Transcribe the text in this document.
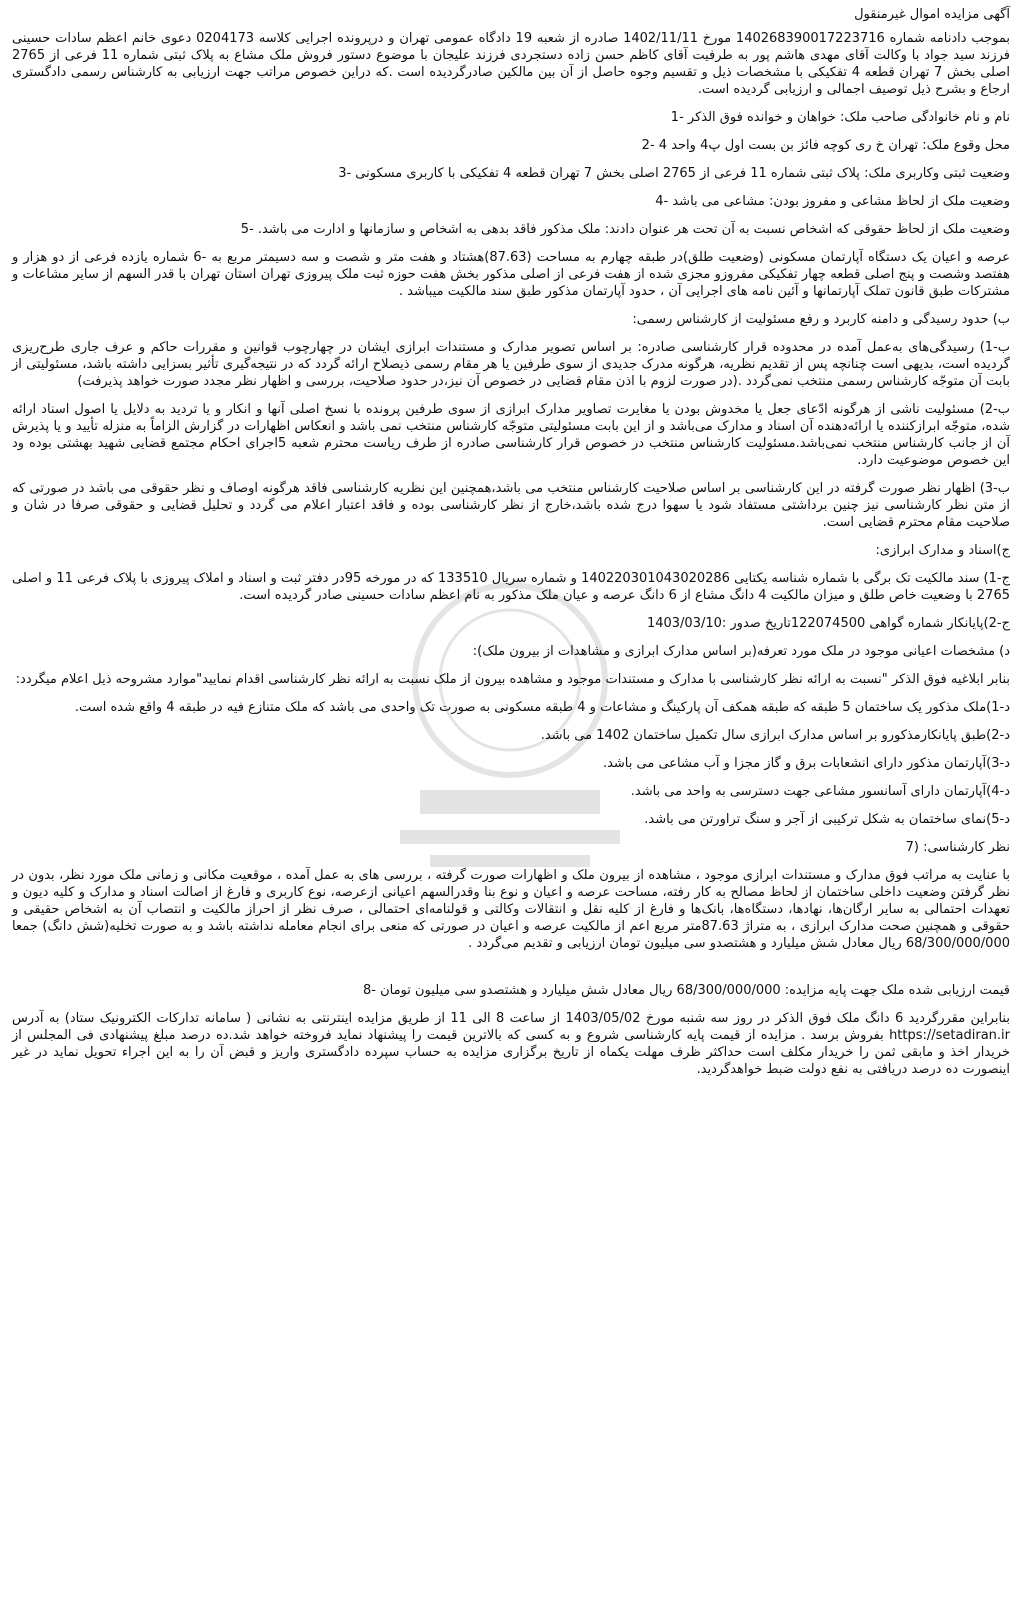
آگهی مزایده اموال غیرمنقول

بموجب دادنامه شماره 140268390017223716 مورخ 1402/11/11 صادره از شعبه 19 دادگاه عمومی تهران و درپرونده اجرایی کلاسه 0204173 دعوی خانم اعظم سادات حسینی فرزند سید جواد با وکالت آقای مهدی هاشم پور به طرفیت آقای کاظم حسن زاده دستجردی فرزند علیجان با موضوع دستور فروش ملک مشاع به پلاک ثبتی شماره 11 فرعی از 2765 اصلی بخش 7 تهران قطعه 4 تفکیکی با مشخصات ذیل و تقسیم وجوه حاصل از آن بین مالکین صادرگردیده است .که دراین خصوص مراتب جهت ارزیابی به کارشناس رسمی دادگستری ارجاع و بشرح ذیل توصیف اجمالی و ارزیابی گردیده است.

نام و نام خانوادگی صاحب ملک: خواهان و خوانده فوق الذکر -1

محل وقوع ملک: تهران خ ری کوچه فائز بن بست اول پ4 واحد 4 -2

وضعیت ثبتی وکاربری ملک: پلاک ثبتی شماره 11 فرعی از 2765 اصلی بخش 7 تهران قطعه 4 تفکیکی با کاربری مسکونی -3

وضعیت ملک از لحاظ مشاعی و مفروز بودن: مشاعی می باشد -4

وضعیت ملک از لحاظ حقوقی که اشخاص نسبت به آن تحت هر عنوان دادند: ملک مذکور فاقد بدهی به اشخاص و سازمانها و ادارت می باشد. -5

عرصه و اعیان یک دستگاه آپارتمان مسکونی (وضعیت طلق)در طبقه چهارم به مساحت (87.63)هشتاد و هفت متر و شصت و سه دسیمتر مربع به -6 شماره یازده فرعی از دو هزار و هفتصد وشصت و پنج اصلی قطعه چهار تفکیکی مفروزو مجزی شده از هفت فرعی از اصلی مذکور بخش هفت حوزه ثبت ملک پیروزی تهران استان تهران با قدر السهم از سایر مشاعات و مشترکات طبق قانون تملک آپارتمانها و آئین نامه های اجرایی آن ، حدود آپارتمان مذکور طبق سند مالکیت میباشد .

ب) حدود رسیدگی و دامنه کاربرد و رفع مسئولیت از کارشناس رسمی:

ب-1) رسیدگی‌های به‌عمل آمده در محدوده قرار کارشناسی صادره: بر اساس تصویر مدارک و مستندات ابرازی ایشان در چهارچوب قوانین و مقررات حاکم و عرف جاری طرح‌ریزی گردیده است، بدیهی است چنانچه پس از تقدیم نظریه، هرگونه مدرک جدیدی از سوی طرفین یا هر مقام رسمی ذیصلاح ارائه گردد که در نتیجه‌گیری تأثیر بسزایی داشته باشد، مسئولیتی از بابت آن متوجّه کارشناس رسمی منتخب نمی‌گردد .(در صورت لزوم با اذن مقام قضایی در خصوص آن نیز،در حدود صلاحیت، بررسی و اظهار نظر مجدد صورت خواهد پذیرفت)

ب-2) مسئولیت ناشی از هرگونه ادّعای جعل یا مخدوش بودن یا مغایرت تصاویر مدارک ابرازی از سوی طرفین پرونده با نسخ اصلی آنها و انکار و یا تردید به دلایل یا اصول اسناد ارائه شده، متوجّه ابرازکننده یا ارائه‌دهنده آن اسناد و مدارک می‌باشد و از این بابت مسئولیتی متوجّه کارشناس منتخب نمی باشد و انعکاس اظهارات در گزارش الزاماً به منزله تأیید و یا پذیرش آن از جانب کارشناس منتخب نمی‌باشد.مسئولیت کارشناس منتخب در خصوص قرار کارشناسی صادره از طرف ریاست محترم شعبه 5اجرای احکام مجتمع قضایی شهید بهشتی بوده ود این خصوص موضوعیت دارد.

ب-3) اظهار نظر صورت گرفته در این کارشناسی بر اساس صلاحیت کارشناس منتخب می باشد،همچنین این نظریه کارشناسی فاقد هرگونه اوصاف و نظر حقوقی می باشد در صورتی که از متن نظر کارشناسی نیز چنین برداشتی مستفاد شود یا سهوا درج شده باشد،خارج از نظر کارشناسی بوده و فاقد اعتبار اعلام می گردد و تحلیل قضایی و حقوقی صرفا در شان و صلاحیت مقام محترم قضایی است.

ج)اسناد و مدارک ابرازی:

ج-1) سند مالکیت تک برگی با شماره شناسه یکتایی 140220301043020286 و شماره سریال 133510 که در مورخه 95در دفتر ثبت و اسناد و املاک پیروزی با پلاک فرعی 11 و اصلی 2765 با وضعیت خاص طلق و میزان مالکیت 4 دانگ مشاع از 6 دانگ عرصه و عیان ملک مذکور به نام اعظم سادات حسینی صادر گردیده است.

ج-2)پایانکار شماره گواهی 122074500تاریخ صدور :1403/03/10

د) مشخصات اعیانی موجود در ملک مورد تعرفه(بر اساس مدارک ابرازی و مشاهدات از بیرون ملک):

بنابر ابلاغیه فوق الذکر "نسبت به ارائه نظر کارشناسی با مدارک و مستندات موجود و مشاهده بیرون از ملک نسبت به ارائه نظر کارشناسی اقدام نمایید"موارد مشروحه ذیل اعلام میگردد:

د-1)ملک مذکور یک ساختمان 5 طبقه که طبقه همکف آن پارکینگ و مشاعات و 4 طبقه مسکونی به صورت تک واحدی می باشد که ملک متنازع فیه در طبقه 4 واقع شده است.

د-2)طبق پایانکارمذکورو بر اساس مدارک ابرازی سال تکمیل ساختمان 1402 می باشد.

د-3)آپارتمان مذکور دارای انشعابات برق و گاز مجزا و آب مشاعی می باشد.

د-4)آپارتمان دارای آسانسور مشاعی جهت دسترسی به واحد می باشد.

د-5)نمای ساختمان به شکل ترکیبی از آجر و سنگ تراورتن می باشد.

نظر کارشناسی: (7

با عنایت به مراتب فوق مدارک و مستندات ابرازی موجود ، مشاهده از بیرون ملک و اظهارات صورت گرفته ، بررسی های به عمل آمده ، موقعیت مکانی و زمانی ملک مورد نظر، بدون در نظر گرفتن وضعیت داخلی ساختمان از لحاظ مصالح به کار رفته، مساحت عرصه و اعیان و نوع بنا وقدرالسهم اعیانی ازعرصه، نوع کاربری و فارغ از اصالت اسناد و مدارک و کلیه دیون و تعهدات احتمالی به سایر ارگان‌ها، نهادها، دستگاه‌ها، بانک‌ها و فارغ از کلیه نقل و انتقالات وکالتی و قولنامه‌ای احتمالی ، صرف نظر از احراز مالکیت و انتصاب آن به اشخاص حقیقی و حقوقی و همچنین صحت مدارک ابرازی ، به متراژ 87.63متر مربع اعم از مالکیت عرصه و اعیان در صورتی که منعی برای انجام معامله نداشته باشد و به صورت تخلیه(شش دانگ) جمعا 68/300/000/000 ریال معادل شش میلیارد و هشتصدو سی میلیون تومان ارزیابی و تقدیم می‌گردد .

قیمت ارزیابی شده ملک جهت پایه مزایده: 68/300/000/000 ریال معادل شش میلیارد و هشتصدو سی میلیون تومان -8

بنابراین مقررگردید 6 دانگ ملک فوق الذکر در روز سه شنبه مورخ 1403/05/02 از ساعت 8 الی 11 از طریق مزایده اینترنتی به نشانی ( سامانه تدارکات الکترونیک ستاد) به آدرس https://setadiran.ir بفروش برسد . مزایده از قیمت پایه کارشناسی شروع و به کسی که بالاترین قیمت را پیشنهاد نماید فروخته خواهد شد.ده درصد مبلغ پیشنهادی فی المجلس از خریدار اخذ و مابقی ثمن را خریدار مکلف است حداکثر ظرف مهلت یکماه از تاریخ برگزاری مزایده به حساب سپرده دادگستری واریز و قبض آن را به این اجراء تحویل نماید در غیر اینصورت ده درصد دریافتی به نفع دولت ضبط خواهدگردید.
